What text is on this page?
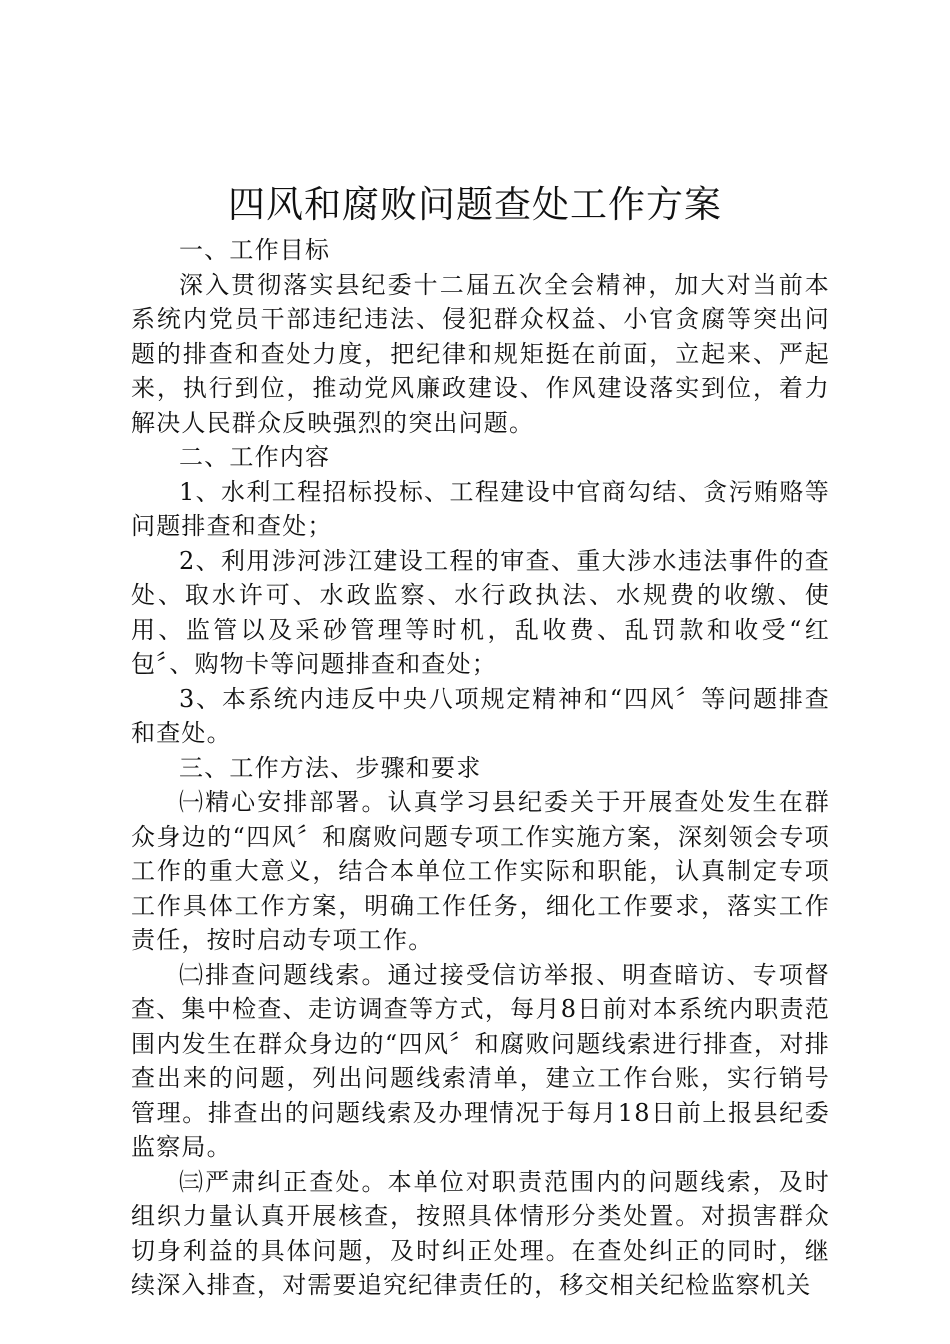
四风和腐败问题查处工作方案

一、工作目标

深入贯彻落实县纪委十二届五次全会精神，加大对当前本系统内党员干部违纪违法、侵犯群众权益、小官贪腐等突出问题的排查和查处力度，把纪律和规矩挺在前面，立起来、严起来，执行到位，推动党风廉政建设、作风建设落实到位，着力解决人民群众反映强烈的突出问题。

二、工作内容

1、水利工程招标投标、工程建设中官商勾结、贪污贿赂等问题排查和查处；

2、利用涉河涉江建设工程的审查、重大涉水违法事件的查处、取水许可、水政监察、水行政执法、水规费的收缴、使用、监管以及采砂管理等时机，乱收费、乱罚款和收受“红包〞、购物卡等问题排查和查处；

3、本系统内违反中央八项规定精神和“四风〞等问题排查和查处。

三、工作方法、步骤和要求

㈠精心安排部署。认真学习县纪委关于开展查处发生在群众身边的“四风〞和腐败问题专项工作实施方案，深刻领会专项工作的重大意义，结合本单位工作实际和职能，认真制定专项工作具体工作方案，明确工作任务，细化工作要求，落实工作责任，按时启动专项工作。

㈡排查问题线索。通过接受信访举报、明查暗访、专项督查、集中检查、走访调查等方式，每月8日前对本系统内职责范围内发生在群众身边的“四风〞和腐败问题线索进行排查，对排查出来的问题，列出问题线索清单，建立工作台账，实行销号管理。排查出的问题线索及办理情况于每月18日前上报县纪委监察局。

㈢严肃纠正查处。本单位对职责范围内的问题线索，及时组织力量认真开展核查，按照具体情形分类处置。对损害群众切身利益的具体问题，及时纠正处理。在查处纠正的同时，继续深入排查，对需要追究纪律责任的，移交相关纪检监察机关
